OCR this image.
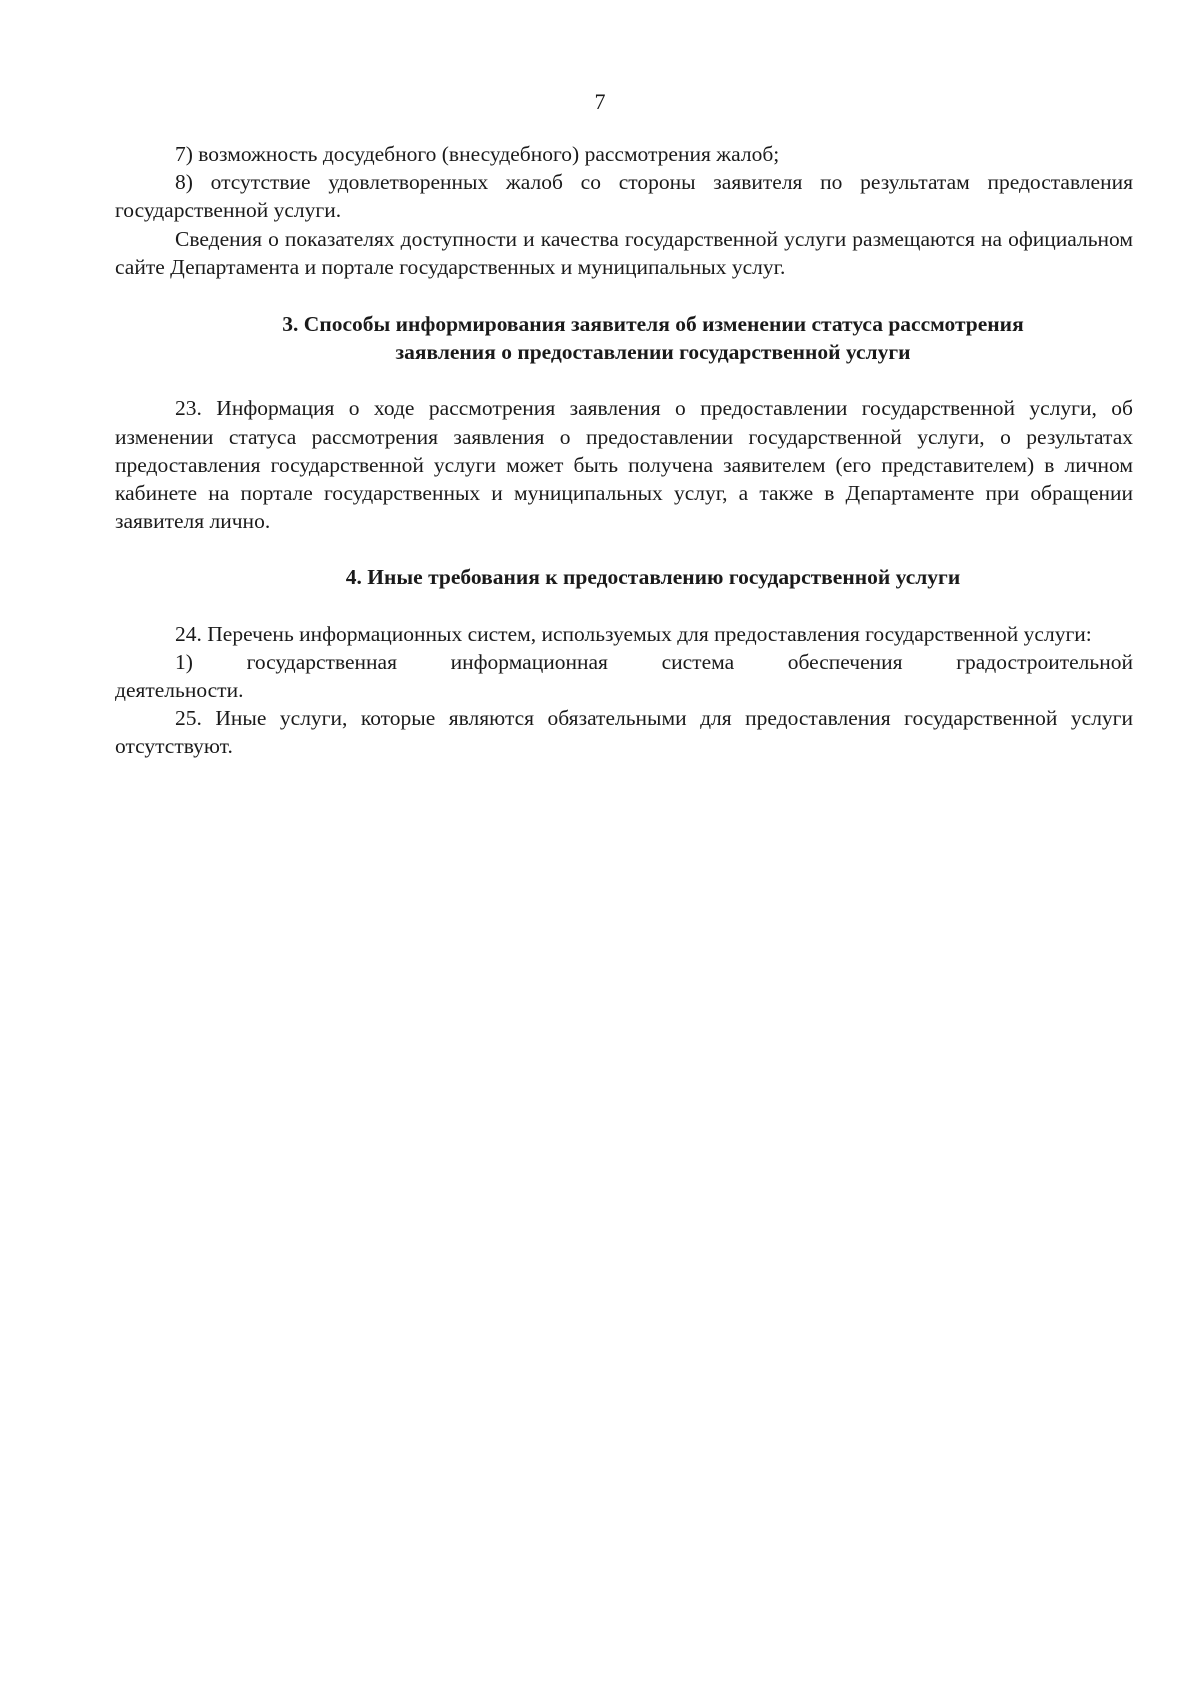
7

7) возможность досудебного (внесудебного) рассмотрения жалоб;

8) отсутствие удовлетворенных жалоб со стороны заявителя по результатам предоставления государственной услуги.

Сведения о показателях доступности и качества государственной услуги размещаются на официальном сайте Департамента и портале государственных и муниципальных услуг.

3. Способы информирования заявителя об изменении статуса рассмотрения
заявления о предоставлении государственной услуги

23. Информация о ходе рассмотрения заявления о предоставлении государственной услуги, об изменении статуса рассмотрения заявления о предоставлении государственной услуги, о результатах предоставления государственной услуги может быть получена заявителем (его представителем) в личном кабинете на портале государственных и муниципальных услуг, а также в Департаменте при обращении заявителя лично.

4. Иные требования к предоставлению государственной услуги

24. Перечень информационных систем, используемых для предоставления государственной услуги:

1) государственная информационная система обеспечения градостроительной

деятельности.

25. Иные услуги, которые являются обязательными для предоставления государственной услуги отсутствуют.
